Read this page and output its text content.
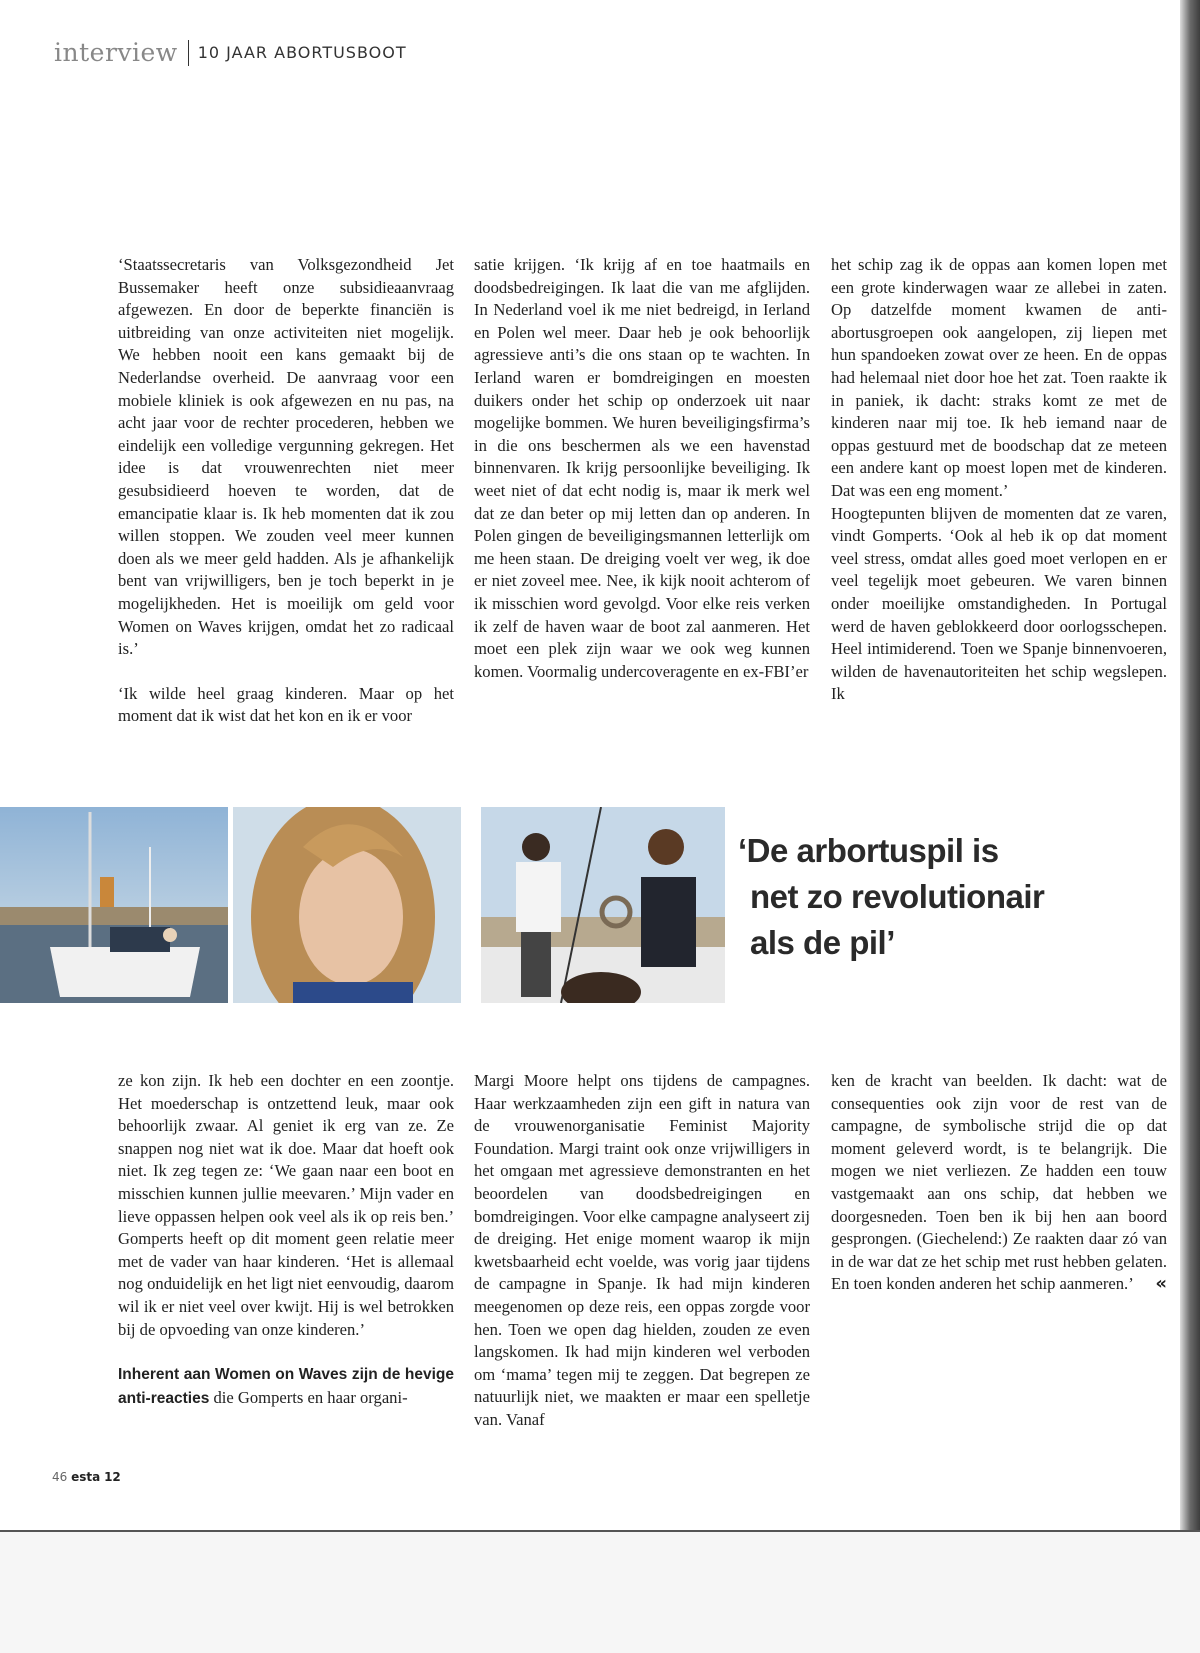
interview 10 JAAR ABORTUSBOOT

‘Staatssecretaris van Volksgezondheid Jet Bussemaker heeft onze subsidieaanvraag afgewezen. En door de beperkte financiën is uitbreiding van onze activiteiten niet mogelijk. We hebben nooit een kans gemaakt bij de Nederlandse overheid. De aanvraag voor een mobiele kliniek is ook afgewezen en nu pas, na acht jaar voor de rechter procederen, hebben we eindelijk een volledige vergunning gekregen. Het idee is dat vrouwenrechten niet meer gesubsidieerd hoeven te worden, dat de emancipatie klaar is. Ik heb momenten dat ik zou willen stoppen. We zouden veel meer kunnen doen als we meer geld hadden. Als je afhankelijk bent van vrijwilligers, ben je toch beperkt in je mogelijkheden. Het is moeilijk om geld voor Women on Waves krijgen, omdat het zo radicaal is.’

‘Ik wilde heel graag kinderen. Maar op het moment dat ik wist dat het kon en ik er voor

satie krijgen. ‘Ik krijg af en toe haatmails en doodsbedreigingen. Ik laat die van me afglijden. In Nederland voel ik me niet bedreigd, in Ierland en Polen wel meer. Daar heb je ook behoorlijk agressieve anti’s die ons staan op te wachten. In Ierland waren er bomdreigingen en moesten duikers onder het schip op onderzoek uit naar mogelijke bommen. We huren beveiligingsfirma’s in die ons beschermen als we een havenstad binnenvaren. Ik krijg persoonlijke beveiliging. Ik weet niet of dat echt nodig is, maar ik merk wel dat ze dan beter op mij letten dan op anderen. In Polen gingen de beveiligingsmannen letterlijk om me heen staan. De dreiging voelt ver weg, ik doe er niet zoveel mee. Nee, ik kijk nooit achterom of ik misschien word gevolgd. Voor elke reis verken ik zelf de haven waar de boot zal aanmeren. Het moet een plek zijn waar we ook weg kunnen komen. Voormalig undercoveragente en ex-FBI’er

het schip zag ik de oppas aan komen lopen met een grote kinderwagen waar ze allebei in zaten. Op datzelfde moment kwamen de anti-abortusgroepen ook aangelopen, zij liepen met hun spandoeken zowat over ze heen. En de oppas had helemaal niet door hoe het zat. Toen raakte ik in paniek, ik dacht: straks komt ze met de kinderen naar mij toe. Ik heb iemand naar de oppas gestuurd met de boodschap dat ze meteen een andere kant op moest lopen met de kinderen. Dat was een eng moment.’

Hoogtepunten blijven de momenten dat ze varen, vindt Gomperts. ‘Ook al heb ik op dat moment veel stress, omdat alles goed moet verlopen en er veel tegelijk moet gebeuren. We varen binnen onder moeilijke omstandigheden. In Portugal werd de haven geblokkeerd door oorlogsschepen. Heel intimiderend. Toen we Spanje binnenvoeren, wilden de havenautoriteiten het schip wegslepen. Ik

‘De arbortuspil is
net zo revolutionair
als de pil’

ze kon zijn. Ik heb een dochter en een zoontje. Het moederschap is ontzettend leuk, maar ook behoorlijk zwaar. Al geniet ik erg van ze. Ze snappen nog niet wat ik doe. Maar dat hoeft ook niet. Ik zeg tegen ze: ‘We gaan naar een boot en misschien kunnen jullie meevaren.’ Mijn vader en lieve oppassen helpen ook veel als ik op reis ben.’ Gomperts heeft op dit moment geen relatie meer met de vader van haar kinderen. ‘Het is allemaal nog onduidelijk en het ligt niet eenvoudig, daarom wil ik er niet veel over kwijt. Hij is wel betrokken bij de opvoeding van onze kinderen.’

Inherent aan Women on Waves zijn de hevige anti-reacties die Gomperts en haar organi-

Margi Moore helpt ons tijdens de campagnes. Haar werkzaamheden zijn een gift in natura van de vrouwenorganisatie Feminist Majority Foundation. Margi traint ook onze vrijwilligers in het omgaan met agressieve demonstranten en het beoordelen van doodsbedreigingen en bomdreigingen. Voor elke campagne analyseert zij de dreiging. Het enige moment waarop ik mijn kwetsbaarheid echt voelde, was vorig jaar tijdens de campagne in Spanje. Ik had mijn kinderen meegenomen op deze reis, een oppas zorgde voor hen. Toen we open dag hielden, zouden ze even langskomen. Ik had mijn kinderen wel verboden om ‘mama’ tegen mij te zeggen. Dat begrepen ze natuurlijk niet, we maakten er maar een spelletje van. Vanaf

ken de kracht van beelden. Ik dacht: wat de consequenties ook zijn voor de rest van de campagne, de symbolische strijd die op dat moment geleverd wordt, is te belangrijk. Die mogen we niet verliezen. Ze hadden een touw vastgemaakt aan ons schip, dat hebben we doorgesneden. Toen ben ik bij hen aan boord gesprongen. (Giechelend:) Ze raakten daar zó van in de war dat ze het schip met rust hebben gelaten. En toen konden anderen het schip aanmeren.’ «

46 esta 12
